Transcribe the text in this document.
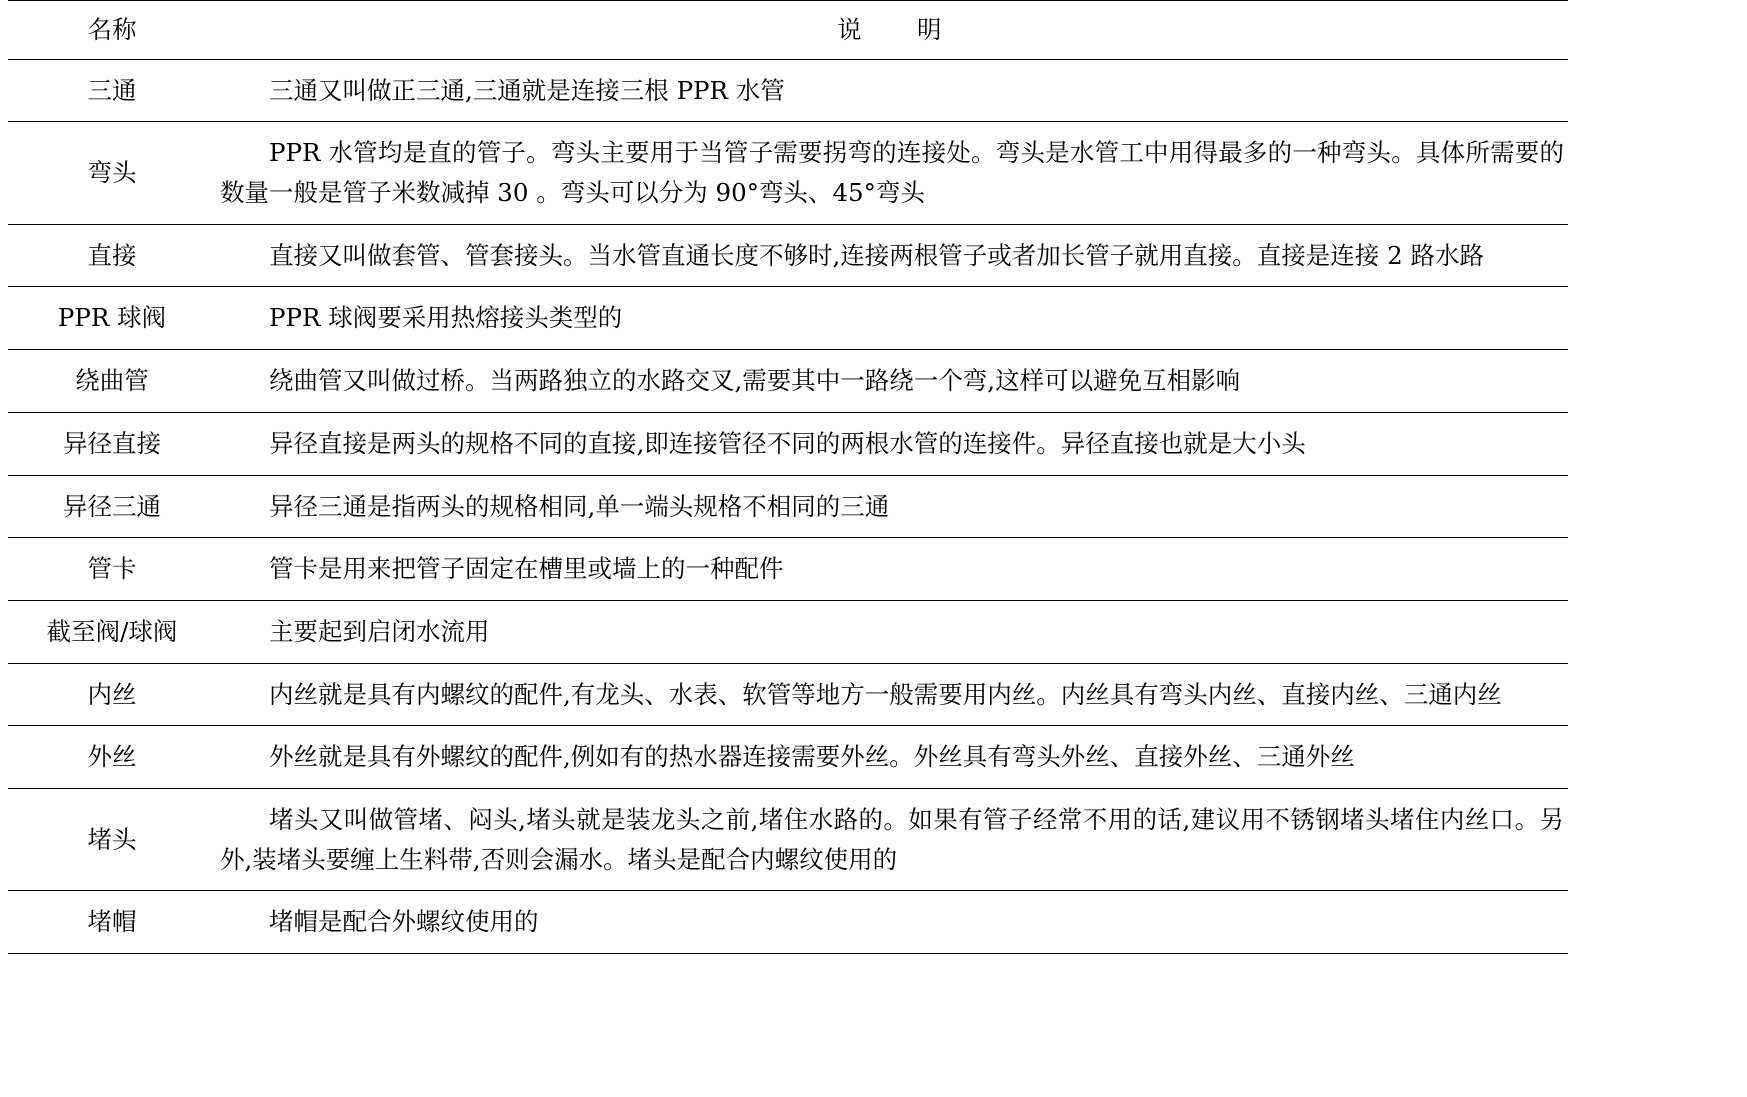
名称	说 明
三通	三通又叫做正三通,三通就是连接三根 PPR 水管
弯头	PPR 水管均是直的管子。弯头主要用于当管子需要拐弯的连接处。弯头是水管工中用得最多的一种弯头。具体所需要的数量一般是管子米数减掉 30 。弯头可以分为 90°弯头、45°弯头
直接	直接又叫做套管、管套接头。当水管直通长度不够时,连接两根管子或者加长管子就用直接。直接是连接 2 路水路
PPR 球阀	PPR 球阀要采用热熔接头类型的
绕曲管	绕曲管又叫做过桥。当两路独立的水路交叉,需要其中一路绕一个弯,这样可以避免互相影响
异径直接	异径直接是两头的规格不同的直接,即连接管径不同的两根水管的连接件。异径直接也就是大小头
异径三通	异径三通是指两头的规格相同,单一端头规格不相同的三通
管卡	管卡是用来把管子固定在槽里或墙上的一种配件
截至阀/球阀	主要起到启闭水流用
内丝	内丝就是具有内螺纹的配件,有龙头、水表、软管等地方一般需要用内丝。内丝具有弯头内丝、直接内丝、三通内丝
外丝	外丝就是具有外螺纹的配件,例如有的热水器连接需要外丝。外丝具有弯头外丝、直接外丝、三通外丝
堵头	堵头又叫做管堵、闷头,堵头就是装龙头之前,堵住水路的。如果有管子经常不用的话,建议用不锈钢堵头堵住内丝口。另外,装堵头要缠上生料带,否则会漏水。堵头是配合内螺纹使用的
堵帽	堵帽是配合外螺纹使用的
